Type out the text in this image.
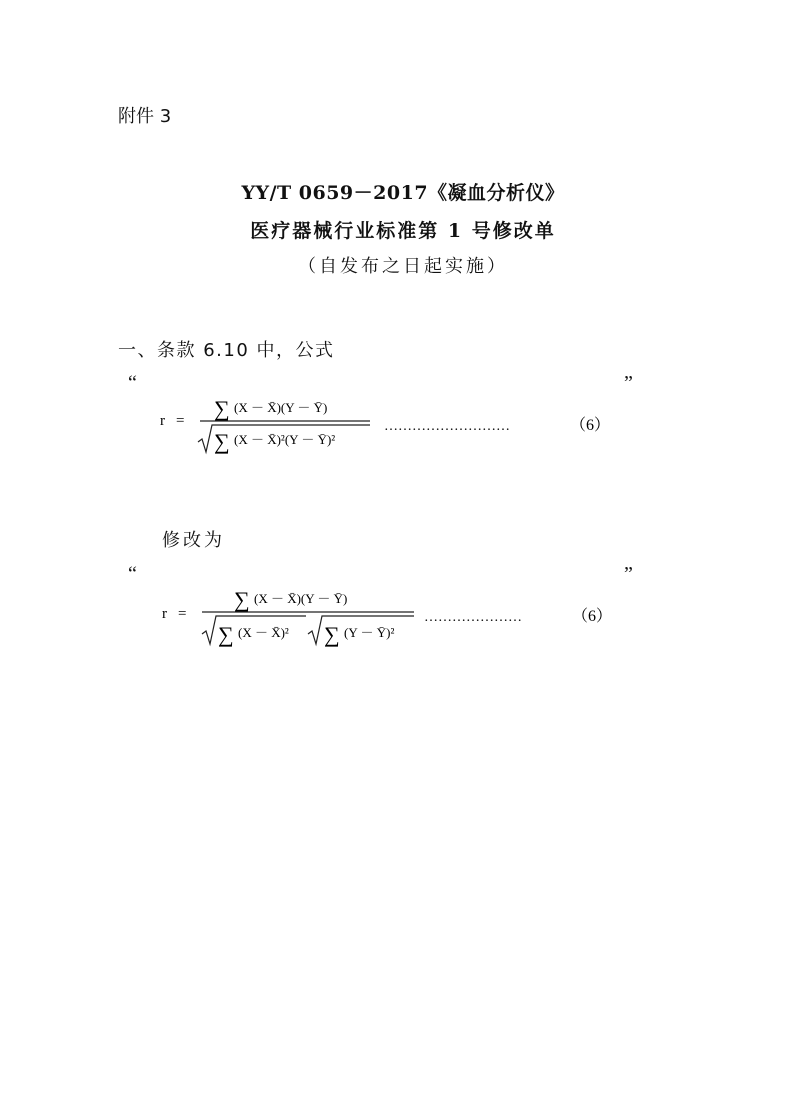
附件 3
YY/T 0659－2017《凝血分析仪》
医疗器械行业标准第 1 号修改单
（自发布之日起实施）
一、条款 6.10 中，公式
“	”
r = ∑ (X － X̄)(Y － Ȳ)
∑ (X － X̄)²(Y － Ȳ)²
………………………	（6）
修改为
“	”
r =
∑ (X － X̄)(Y － Ȳ)
∑ (X － X̄)² ∑ (Y － Ȳ)²
…………………	（6）
